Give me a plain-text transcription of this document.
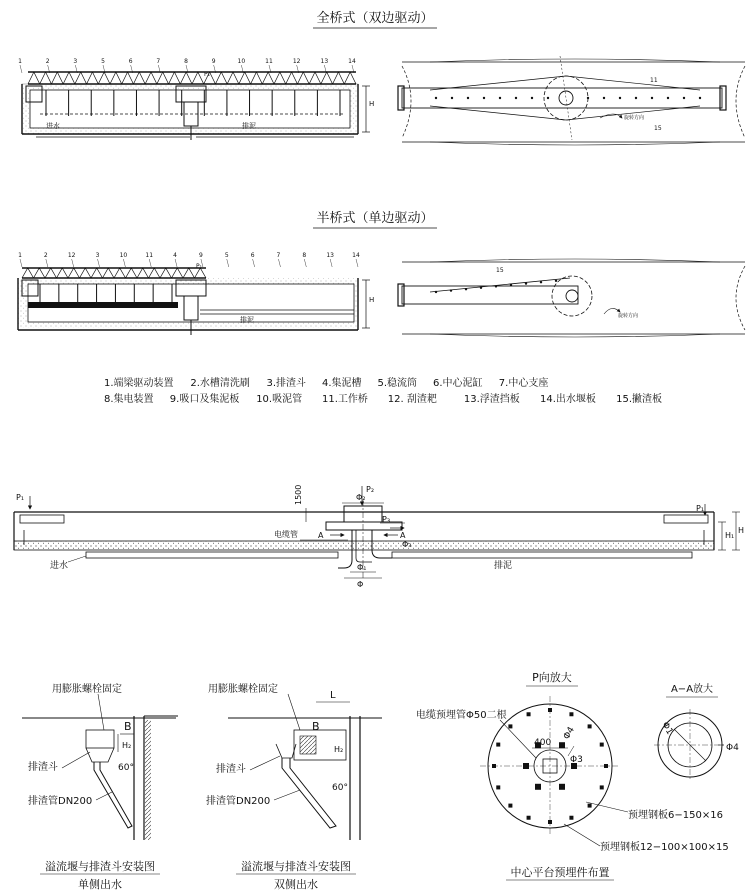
全桥式（双边驱动）
1	2	3	5	6	7	8	9	10	11	12	13	14
进水	排泥
H
P₁
11
15
旋转方向
半桥式（单边驱动）
1	2	12	3	10	11	4	9	5	6	7	8	13	14
排泥
H
P₁
15
旋转方向
1.端梁驱动装置 2.水槽清洗刷 3.排渣斗 4.集泥槽 5.稳流筒 6.中心泥缸 7.中心支座
8.集电装置 9.吸口及集泥板 10.吸泥管 11.工作桥 12. 刮渣耙	13.浮渣挡板 14.出水堰板 15.撇渣板
1500	P₂
Φ₂
P₃
A	A
Φ₃
电缆管
Φ₁
Φ
进水	排泥
P₁
P₁
H₁
H
用膨胀螺栓固定
B
H₂
60°
排渣斗
排渣管DN200
溢流堰与排渣斗安装图
单侧出水
L
用膨胀螺栓固定
B
H₂
60°
排渣斗
排渣管DN200
溢流堰与排渣斗安装图
双侧出水
P向放大
400
Φ4
Φ3
电缆预埋管Φ50二根
预埋钢板6−150×16
预埋钢板12−100×100×15
中心平台预埋件布置
A−A放大
Φ1
Φ4
